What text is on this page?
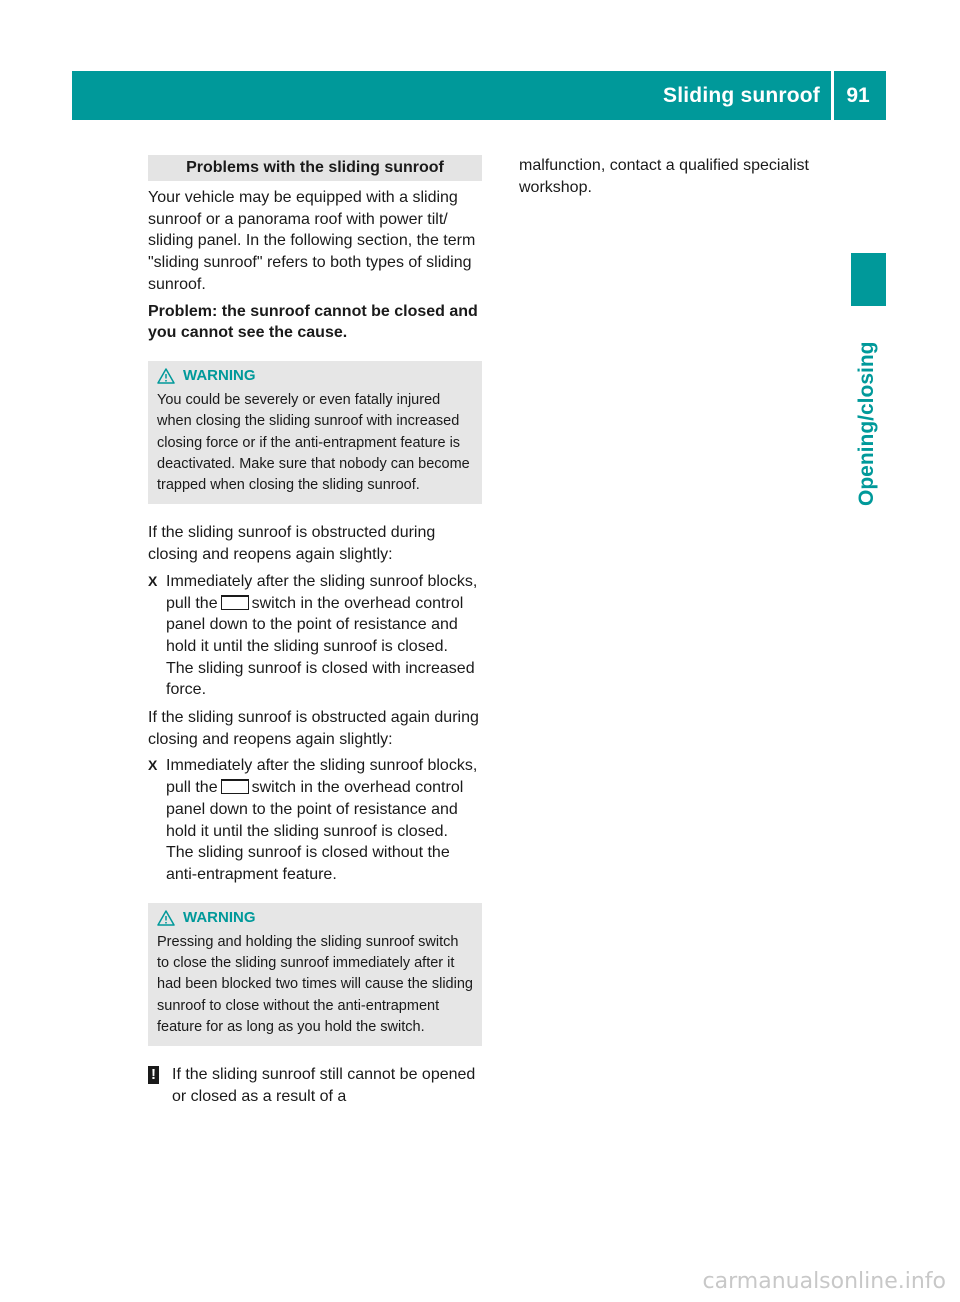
Sliding sunroof	91
Opening/closing
Problems with the sliding sunroof

Your vehicle may be equipped with a sliding sunroof or a panorama roof with power tilt/ sliding panel. In the following section, the term "sliding sunroof" refers to both types of sliding sunroof.

Problem: the sunroof cannot be closed and you cannot see the cause.

WARNING

You could be severely or even fatally injured when closing the sliding sunroof with increased closing force or if the anti-entrapment feature is deactivated. Make sure that nobody can become trapped when closing the sliding sunroof.

If the sliding sunroof is obstructed during closing and reopens again slightly:

X Immediately after the sliding sunroof blocks, pull the switch in the overhead control panel down to the point of resistance and hold it until the sliding sunroof is closed.

The sliding sunroof is closed with increased force.

If the sliding sunroof is obstructed again during closing and reopens again slightly:

X Immediately after the sliding sunroof blocks, pull the switch in the overhead control panel down to the point of resistance and hold it until the sliding sunroof is closed.

The sliding sunroof is closed without the anti-entrapment feature.

WARNING

Pressing and holding the sliding sunroof switch to close the sliding sunroof immediately after it had been blocked two times will cause the sliding sunroof to close without the anti-entrapment feature for as long as you hold the switch.

! If the sliding sunroof still cannot be opened or closed as a result of a

malfunction, contact a qualified specialist workshop.

carmanualsonline.info
